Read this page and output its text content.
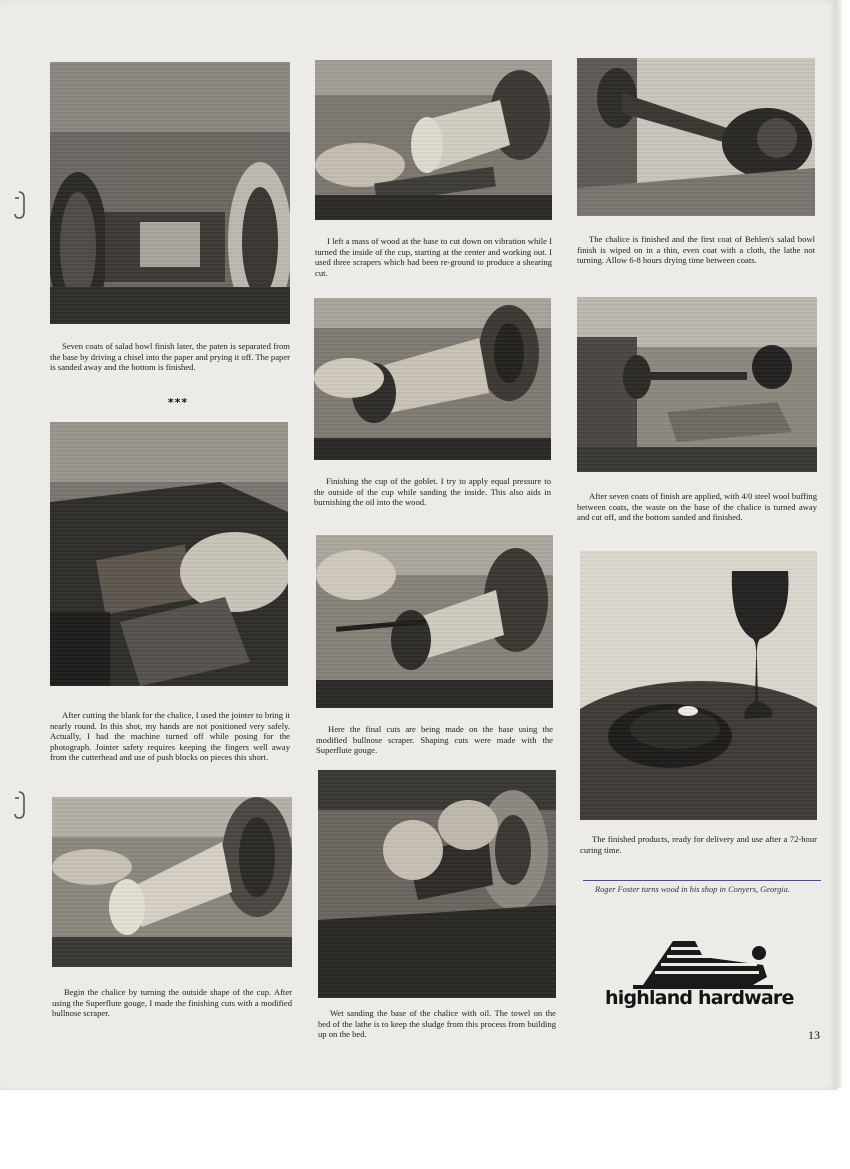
Seven coats of salad bowl finish later, the paten is separated from the base by driving a chisel into the paper and prying it off. The paper is sanded away and the bottom is finished.

***

After cutting the blank for the chalice, I used the jointer to bring it nearly round. In this shot, my hands are not positioned very safely. Actually, I had the machine turned off while posing for the photograph. Jointer safety requires keeping the fingers well away from the cutterhead and use of push blocks on pieces this short.

Begin the chalice by turning the outside shape of the cup. After using the Superflute gouge, I made the finishing cuts with a modified bullnose scraper.

I left a mass of wood at the base to cut down on vibration while I turned the inside of the cup, starting at the center and working out. I used three scrapers which had been re-ground to produce a shearing cut.

Finishing the cup of the goblet. I try to apply equal pressure to the outside of the cup while sanding the inside. This also aids in burnishing the oil into the wood.

Here the final cuts are being made on the base using the modified bullnose scraper. Shaping cuts were made with the Superflute gouge.

Wet sanding the base of the chalice with oil. The towel on the bed of the lathe is to keep the sludge from this process from building up on the bed.

The chalice is finished and the first coat of Behlen's salad bowl finish is wiped on in a thin, even coat with a cloth, the lathe not turning. Allow 6-8 hours drying time between coats.

After seven coats of finish are applied, with 4/0 steel wool buffing between coats, the waste on the base of the chalice is turned away and cut off, and the bottom sanded and finished.

The finished products, ready for delivery and use after a 72-hour curing time.

Roger Foster turns wood in his shop in Conyers, Georgia.

highland hardware
13
